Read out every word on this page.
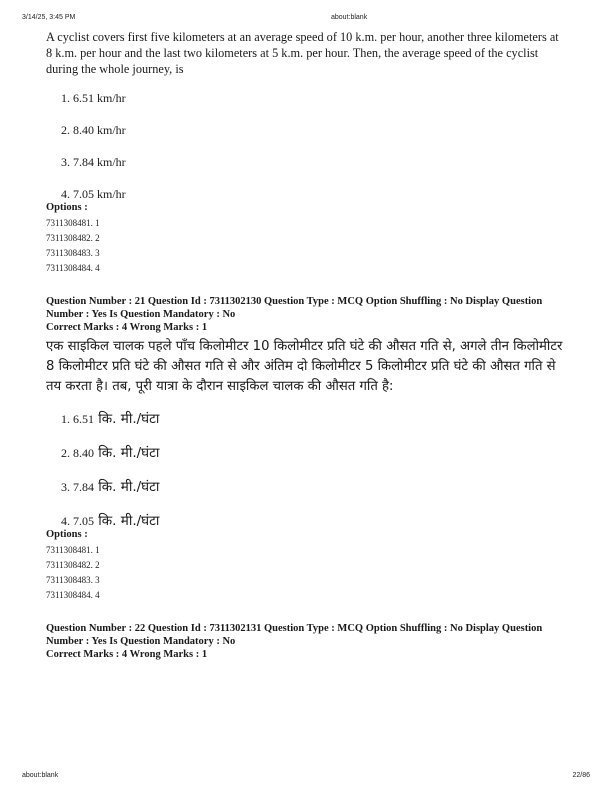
3/14/25, 3:45 PM	about:blank

A cyclist covers first five kilometers at an average speed of 10 k.m. per hour, another three kilometers at 8 k.m. per hour and the last two kilometers at 5 k.m. per hour. Then, the average speed of the cyclist during the whole journey, is

1. 6.51 km/hr

2. 8.40 km/hr

3. 7.84 km/hr

4. 7.05 km/hr

Options :

7311308481. 1

7311308482. 2

7311308483. 3

7311308484. 4

Question Number : 21 Question Id : 7311302130 Question Type : MCQ Option Shuffling : No Display Question

Number : Yes Is Question Mandatory : No

Correct Marks : 4 Wrong Marks : 1

एक साइकिल चालक पहले पाँच किलोमीटर 10 किलोमीटर प्रति घंटे की औसत गति से, अगले तीन किलोमीटर 8 किलोमीटर प्रति घंटे की औसत गति से और अंतिम दो किलोमीटर 5 किलोमीटर प्रति घंटे की औसत गति से तय करता है। तब, पूरी यात्रा के दौरान साइकिल चालक की औसत गति है:

1. 6.51 कि. मी./घंटा

2. 8.40 कि. मी./घंटा

3. 7.84 कि. मी./घंटा

4. 7.05 कि. मी./घंटा

Options :

7311308481. 1

7311308482. 2

7311308483. 3

7311308484. 4

Question Number : 22 Question Id : 7311302131 Question Type : MCQ Option Shuffling : No Display Question

Number : Yes Is Question Mandatory : No

Correct Marks : 4 Wrong Marks : 1

about:blank	22/86
